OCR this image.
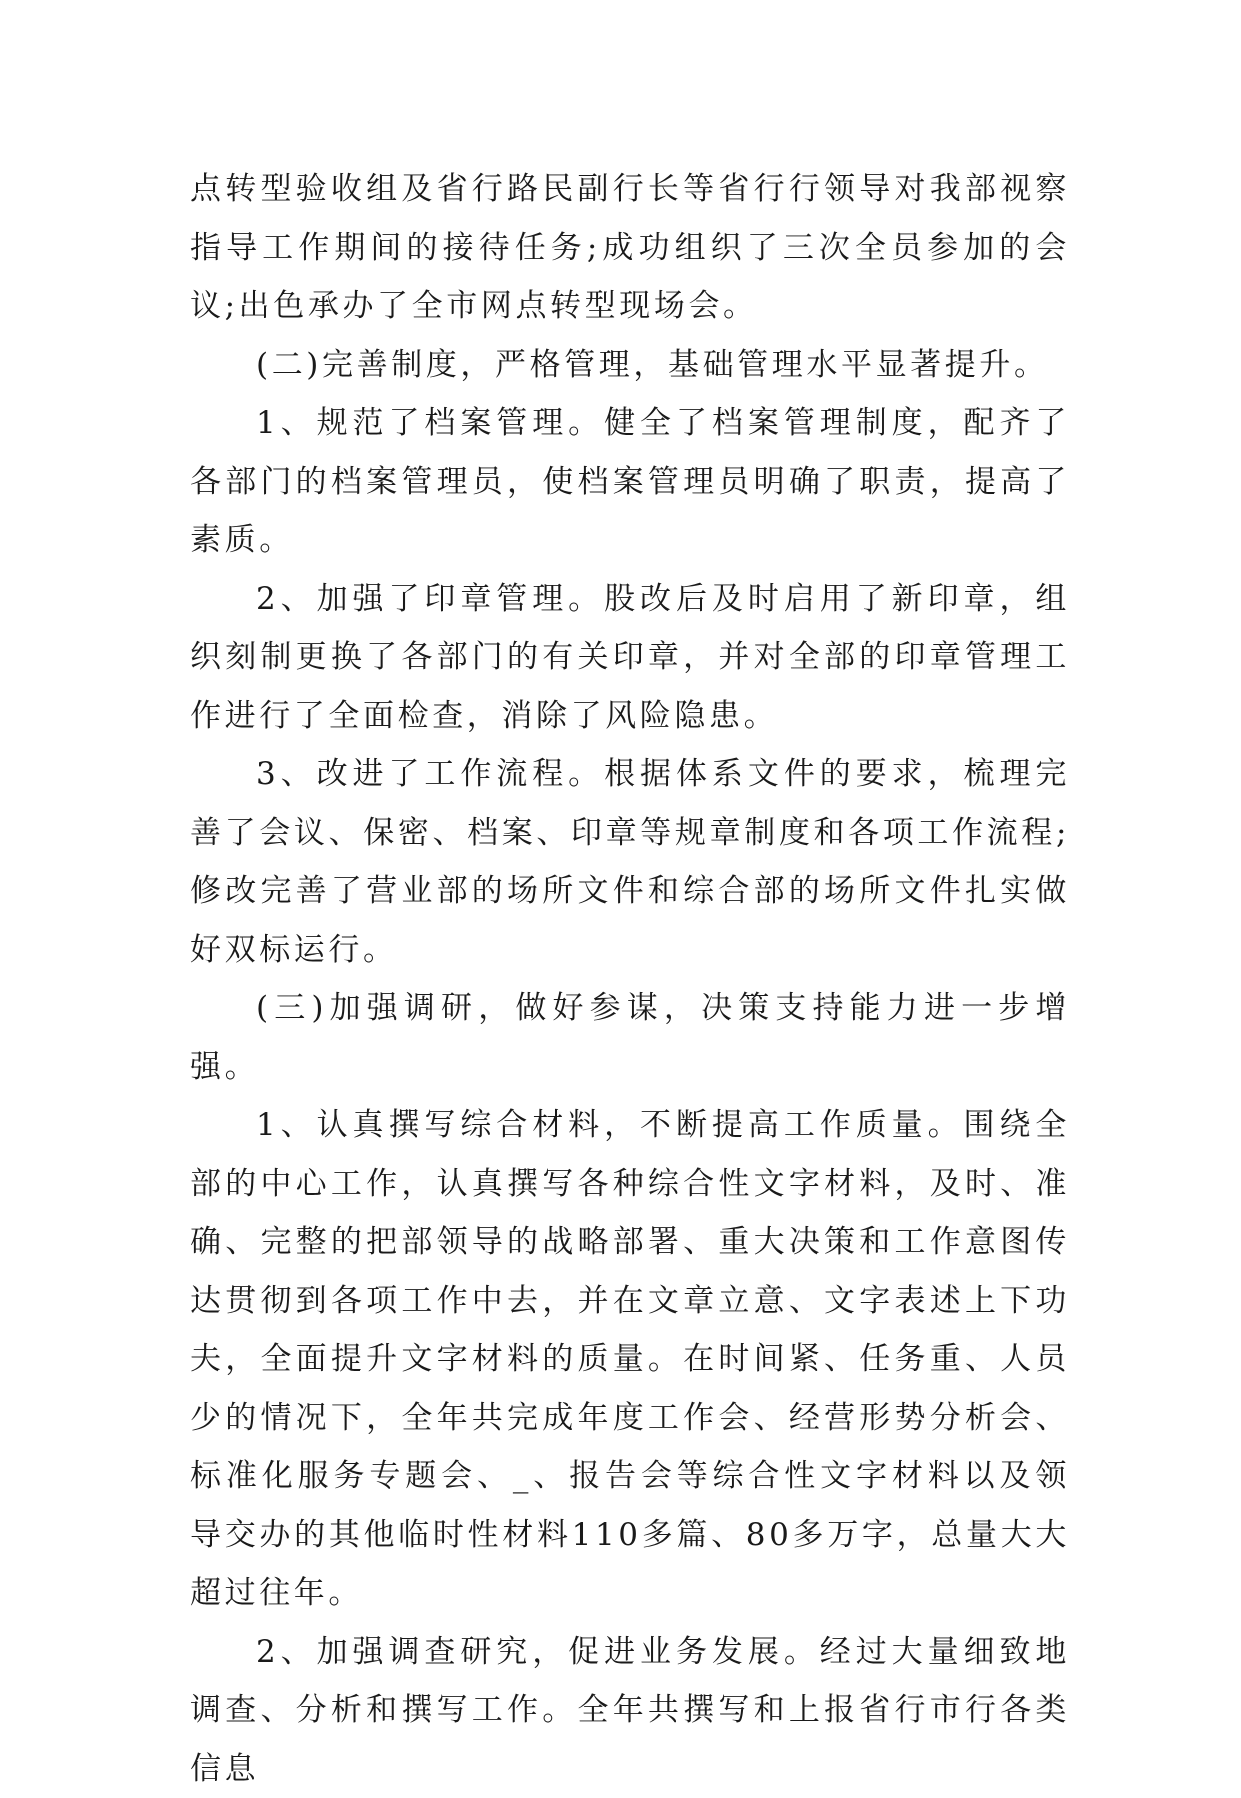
点转型验收组及省行路民副行长等省行行领导对我部视察指导工作期间的接待任务;成功组织了三次全员参加的会议;出色承办了全市网点转型现场会。

(二)完善制度，严格管理，基础管理水平显著提升。

1、规范了档案管理。健全了档案管理制度，配齐了各部门的档案管理员，使档案管理员明确了职责，提高了素质。

2、加强了印章管理。股改后及时启用了新印章，组织刻制更换了各部门的有关印章，并对全部的印章管理工作进行了全面检查，消除了风险隐患。

3、改进了工作流程。根据体系文件的要求，梳理完善了会议、保密、档案、印章等规章制度和各项工作流程;修改完善了营业部的场所文件和综合部的场所文件扎实做好双标运行。

(三)加强调研，做好参谋，决策支持能力进一步增强。

1、认真撰写综合材料，不断提高工作质量。围绕全部的中心工作，认真撰写各种综合性文字材料，及时、准确、完整的把部领导的战略部署、重大决策和工作意图传达贯彻到各项工作中去，并在文章立意、文字表述上下功夫，全面提升文字材料的质量。在时间紧、任务重、人员少的情况下，全年共完成年度工作会、经营形势分析会、标准化服务专题会、_、报告会等综合性文字材料以及领导交办的其他临时性材料110多篇、80多万字，总量大大超过往年。

2、加强调查研究，促进业务发展。经过大量细致地调查、分析和撰写工作。全年共撰写和上报省行市行各类信息
